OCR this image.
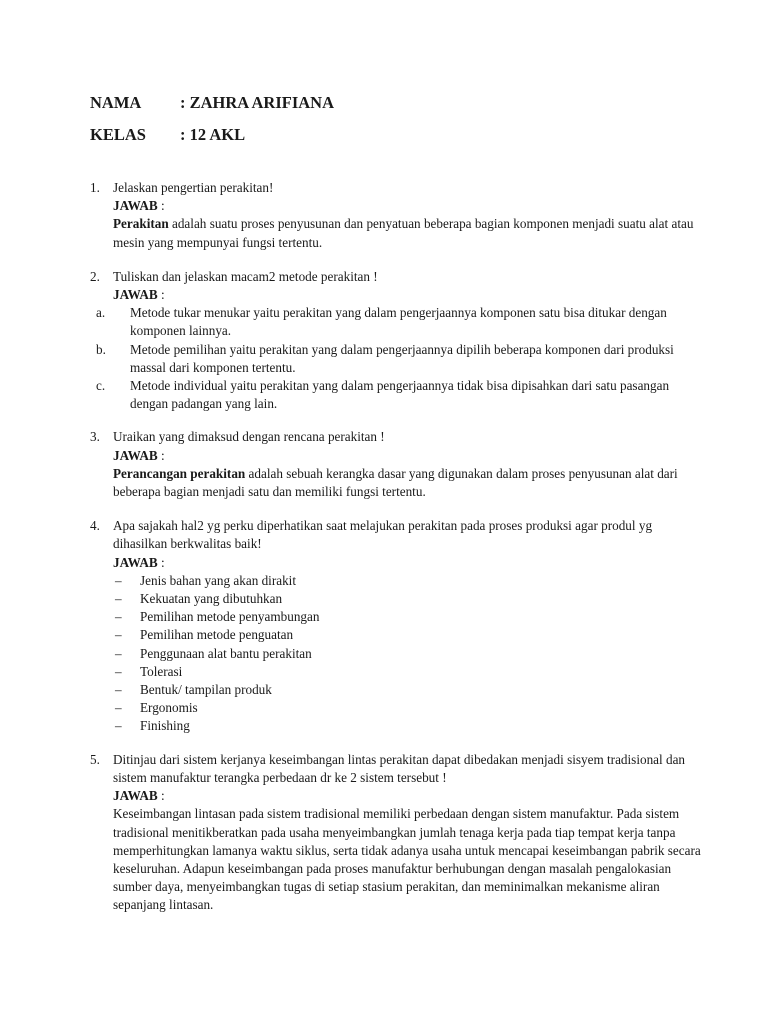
NAMA	: ZAHRA ARIFIANA
KELAS	: 12 AKL
1. Jelaskan pengertian perakitan!
JAWAB :
Perakitan adalah suatu proses penyusunan dan penyatuan beberapa bagian komponen menjadi suatu alat atau mesin yang mempunyai fungsi tertentu.
2. Tuliskan dan jelaskan macam2 metode perakitan !
JAWAB :
a. Metode tukar menukar yaitu perakitan yang dalam pengerjaannya komponen satu bisa ditukar dengan komponen lainnya.
b. Metode pemilihan yaitu perakitan yang dalam pengerjaannya dipilih beberapa komponen dari produksi massal dari komponen tertentu.
c. Metode individual yaitu perakitan yang dalam pengerjaannya tidak bisa dipisahkan dari satu pasangan dengan padangan yang lain.
3. Uraikan yang dimaksud dengan rencana perakitan !
JAWAB :
Perancangan perakitan adalah sebuah kerangka dasar yang digunakan dalam proses penyusunan alat dari beberapa bagian menjadi satu dan memiliki fungsi tertentu.
4. Apa sajakah hal2 yg perku diperhatikan saat melajukan perakitan pada proses produksi agar produl yg dihasilkan berkwalitas baik!
JAWAB :
– Jenis bahan yang akan dirakit
– Kekuatan yang dibutuhkan
– Pemilihan metode penyambungan
– Pemilihan metode penguatan
– Penggunaan alat bantu perakitan
– Tolerasi
– Bentuk/ tampilan produk
– Ergonomis
– Finishing
5. Ditinjau dari sistem kerjanya keseimbangan lintas perakitan dapat dibedakan menjadi sisyem tradisional dan sistem manufaktur terangka perbedaan dr ke 2 sistem tersebut !
JAWAB :
Keseimbangan lintasan pada sistem tradisional memiliki perbedaan dengan sistem manufaktur. Pada sistem tradisional menitikberatkan pada usaha menyeimbangkan jumlah tenaga kerja pada tiap tempat kerja tanpa memperhitungkan lamanya waktu siklus, serta tidak adanya usaha untuk mencapai keseimbangan pabrik secara keseluruhan. Adapun keseimbangan pada proses manufaktur berhubungan dengan masalah pengalokasian sumber daya, menyeimbangkan tugas di setiap stasium perakitan, dan meminimalkan mekanisme aliran sepanjang lintasan.
